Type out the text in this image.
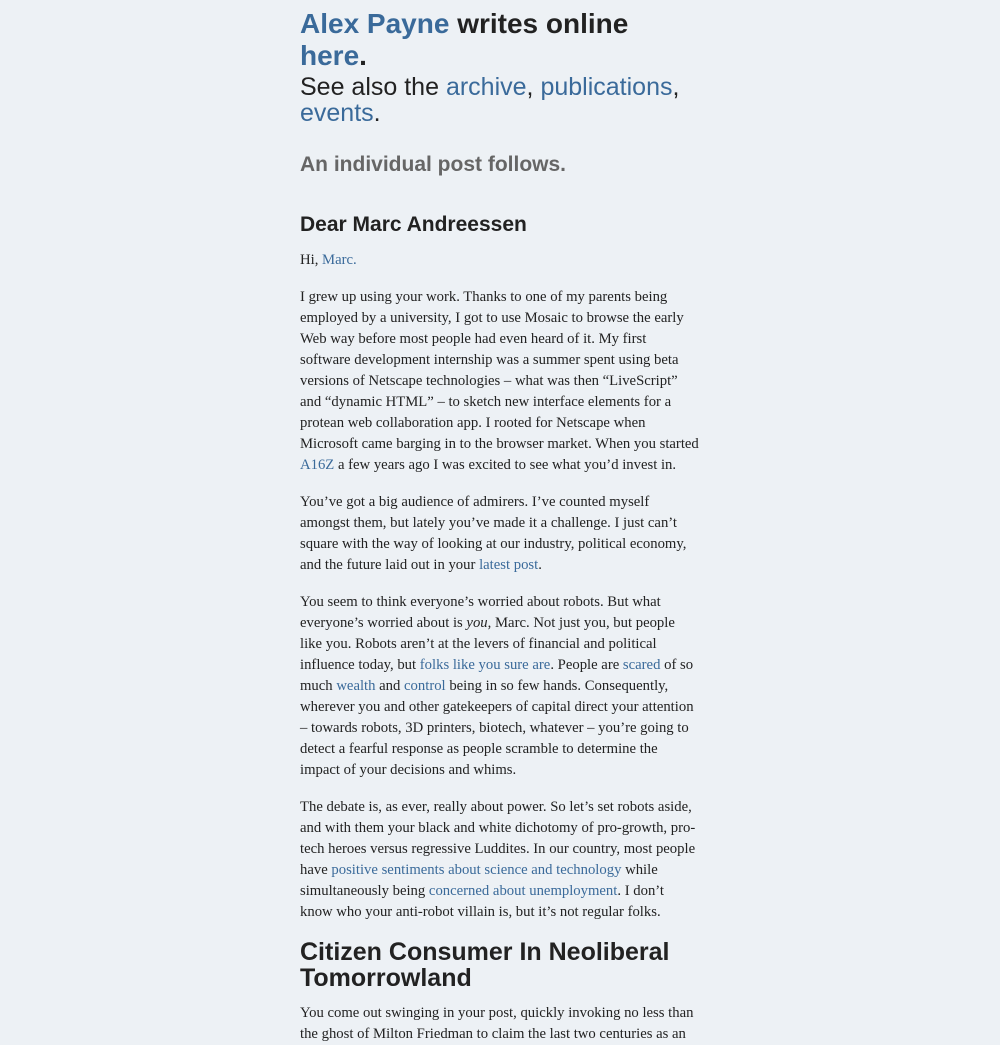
Alex Payne writes online here.

See also the archive, publications,
events.

An individual post follows.

Dear Marc Andreessen

Hi, Marc.

I grew up using your work. Thanks to one of my parents being employed by a university, I got to use Mosaic to browse the early Web way before most people had even heard of it. My first software development internship was a summer spent using beta versions of Netscape technologies – what was then “LiveScript” and “dynamic HTML” – to sketch new interface elements for a protean web collaboration app. I rooted for Netscape when Microsoft came barging in to the browser market. When you started A16Z a few years ago I was excited to see what you’d invest in.

You’ve got a big audience of admirers. I’ve counted myself amongst them, but lately you’ve made it a challenge. I just can’t square with the way of looking at our industry, political economy, and the future laid out in your latest post.

You seem to think everyone’s worried about robots. But what everyone’s worried about is you, Marc. Not just you, but people like you. Robots aren’t at the levers of financial and political influence today, but folks like you sure are. People are scared of so much wealth and control being in so few hands. Consequently, wherever you and other gatekeepers of capital direct your attention – towards robots, 3D printers, biotech, whatever – you’re going to detect a fearful response as people scramble to determine the impact of your decisions and whims.

The debate is, as ever, really about power. So let’s set robots aside, and with them your black and white dichotomy of pro-growth, pro-tech heroes versus regressive Luddites. In our country, most people have positive sentiments about science and technology while simultaneously being concerned about unemployment. I don’t know who your anti-robot villain is, but it’s not regular folks.

Citizen Consumer In Neoliberal Tomorrowland

You come out swinging in your post, quickly invoking no less than the ghost of Milton Friedman to claim the last two centuries as an
